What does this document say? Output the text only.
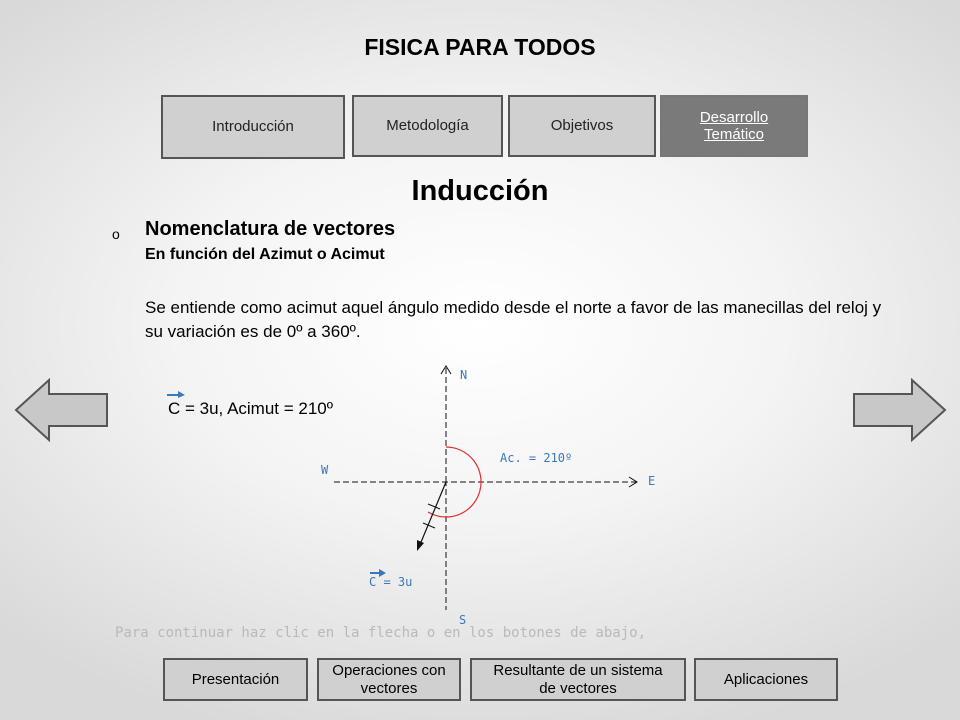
FISICA PARA TODOS
Introducción	Metodología	Objetivos
Desarrollo Temático
Inducción
o Nomenclatura de vectores
En función del Azimut o Acimut
Se entiende como acimut aquel ángulo medido desde el norte a favor de las manecillas del reloj y su variación es de 0º a 360º.
C = 3u, Acimut = 210º
N
S
E
W
Ac. = 210º
C = 3u
Para continuar haz clic en la flecha o en los botones de abajo,
Presentación
Operaciones con vectores
Resultante de un sistema de vectores
Aplicaciones
